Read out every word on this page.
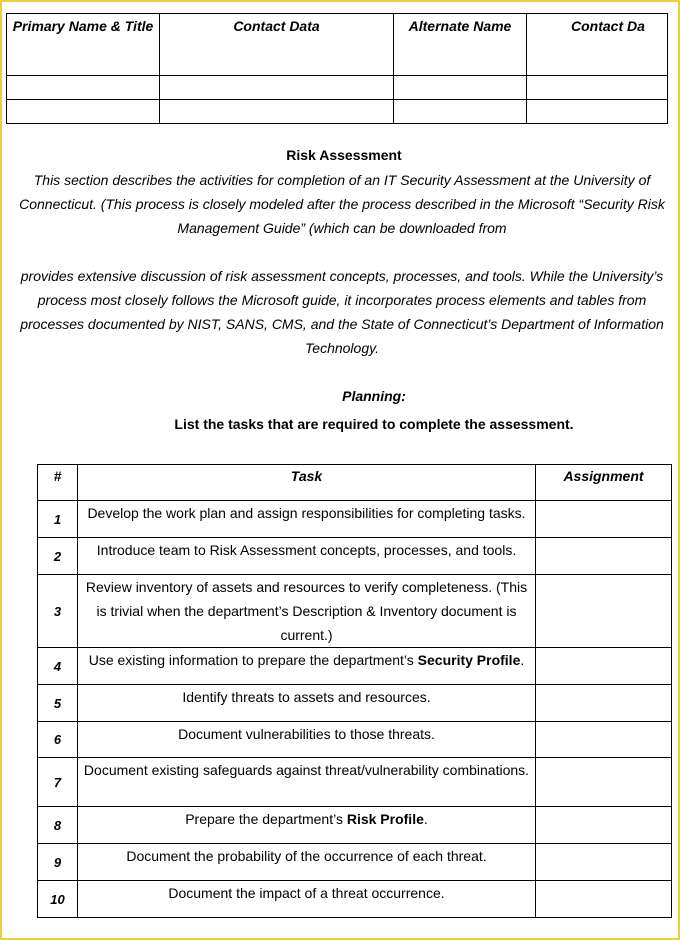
Primary Name & Title	Contact Data	Alternate Name	Contact Da

Risk Assessment
This section describes the activities for completion of an IT Security Assessment at the University of Connecticut. (This process is closely modeled after the process described in the Microsoft “Security Risk Management Guide” (which can be downloaded from
provides extensive discussion of risk assessment concepts, processes, and tools. While the University’s process most closely follows the Microsoft guide, it incorporates process elements and tables from processes documented by NIST, SANS, CMS, and the State of Connecticut’s Department of Information Technology.
Planning:
List the tasks that are required to complete the assessment.
#	Task	Assignment
1	Develop the work plan and assign responsibilities for completing tasks.	
2	Introduce team to Risk Assessment concepts, processes, and tools.	
3	Review inventory of assets and resources to verify completeness. (This is trivial when the department’s Description & Inventory document is current.)	
4	Use existing information to prepare the department’s Security Profile.	
5	Identify threats to assets and resources.	
6	Document vulnerabilities to those threats.	
7	Document existing safeguards against threat/vulnerability combinations.	
8	Prepare the department’s Risk Profile.	
9	Document the probability of the occurrence of each threat.	
10	Document the impact of a threat occurrence.	
